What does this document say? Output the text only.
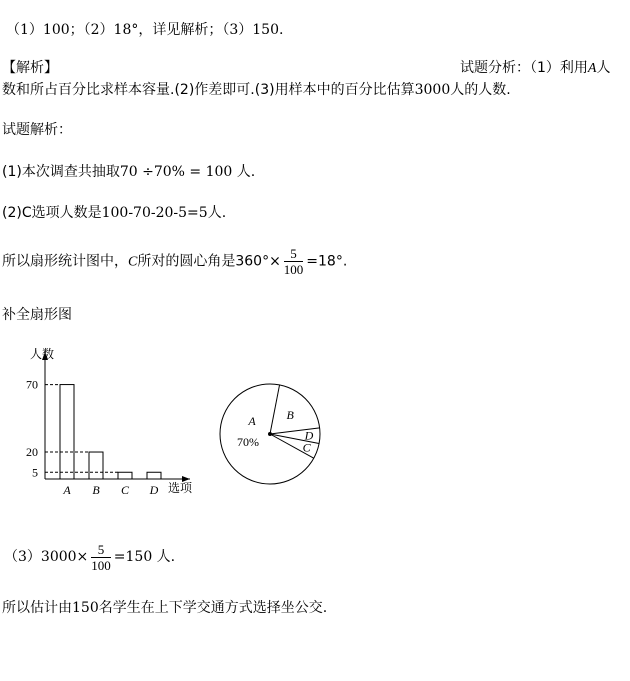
（1）100；（2）18°，详见解析；（3）150.
【解析】	试题分析：（1）利用A人
数和所占百分比求样本容量.(2)作差即可.(3)用样本中的百分比估算3000人的人数.
试题解析：
(1)本次调查共抽取70 ÷70% = 100 人.
(2)C选项人数是100-70-20-5=5人.
所以扇形统计图中，C所对的圆心角是$360^\circ\times \frac{5}{100} =18^\circ$.
补全扇形图
人数
选项
5
20
70
A B C D
B
D
C
A
70%
$(3)3000\times \frac{5}{100} =150$ 人.
所以估计由150名学生在上下学交通方式选择坐公交.
